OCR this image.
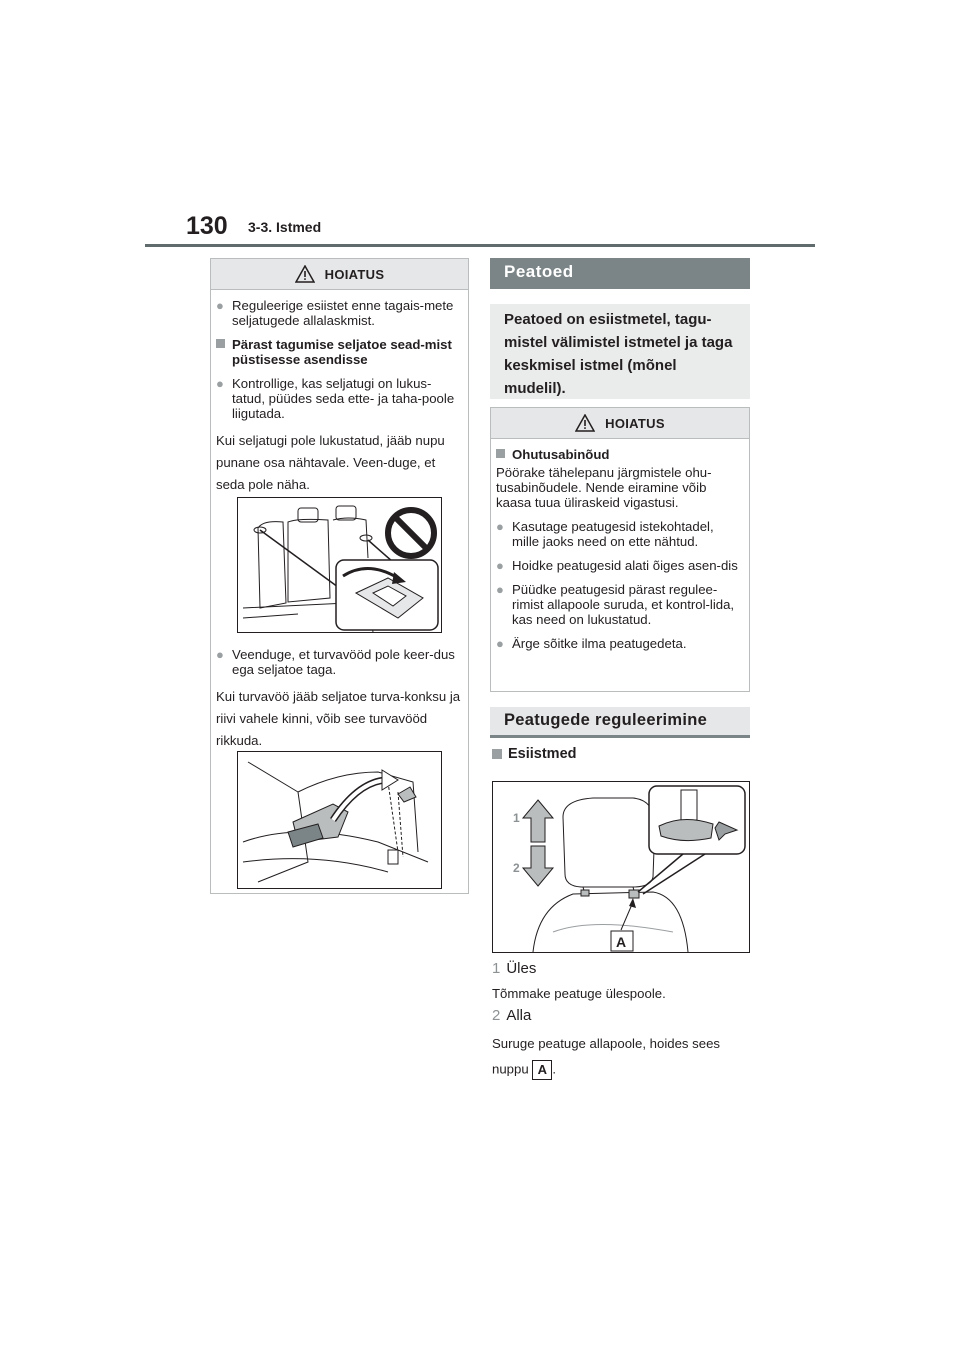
130 3-3. Istmed
HOIATUS
● Reguleerige esiistet enne tagais-mete seljatugede allalaskmist.
Pärast tagumise seljatoe sead-mist püstisesse asendisse
● Kontrollige, kas seljatugi on lukus-tatud, püüdes seda ette- ja taha-poole liigutada.
Kui seljatugi pole lukustatud, jääb nupu punane osa nähtavale. Veen-duge, et seda pole näha.
● Veenduge, et turvavööd pole keer-dus ega seljatoe taga.
Kui turvavöö jääb seljatoe turva-konksu ja riivi vahele kinni, võib see turvavööd rikkuda.
Peatoed
Peatoed on esiistmetel, tagu-mistel välimistel istmetel ja taga keskmisel istmel (mõnel mudelil).
HOIATUS
Ohutusabinõud
Pöörake tähelepanu järgmistele ohu-tusabinõudele. Nende eiramine võib kaasa tuua üliraskeid vigastusi.
● Kasutage peatugesid istekohtadel, mille jaoks need on ette nähtud.
● Hoidke peatugesid alati õiges asen-dis
● Püüdke peatugesid pärast regulee-rimist allapoole suruda, et kontrol-lida, kas need on lukustatud.
● Ärge sõitke ilma peatugedeta.
Peatugede reguleerimine
Esiistmed
1
2
A
1 Üles
Tõmmake peatuge ülespoole.
2 Alla
Suruge peatuge allapoole, hoides sees
nuppu A .
